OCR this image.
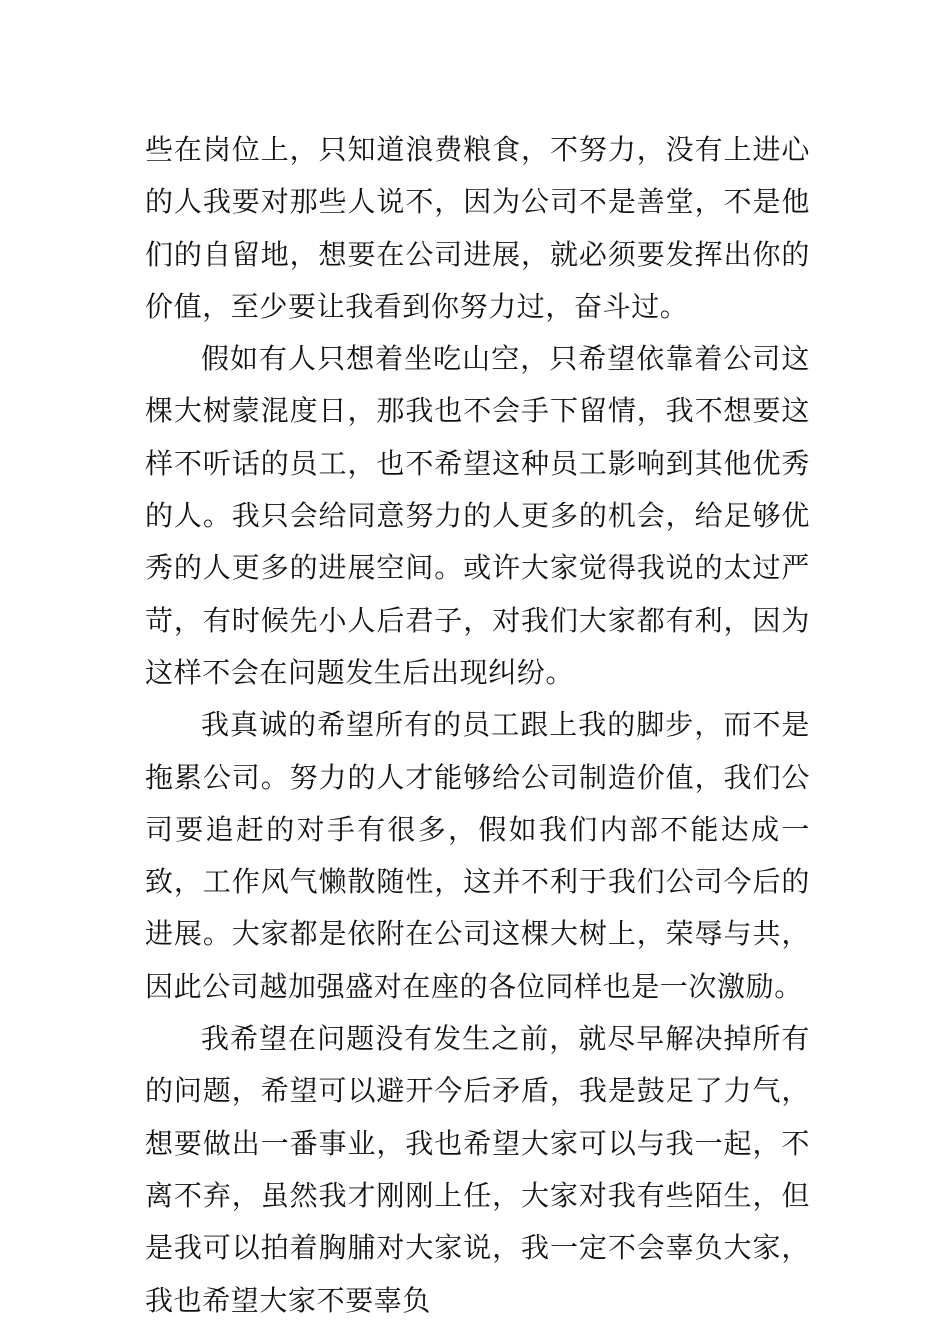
些在岗位上，只知道浪费粮食，不努力，没有上进心的人我要对那些人说不，因为公司不是善堂，不是他们的自留地，想要在公司进展，就必须要发挥出你的价值，至少要让我看到你努力过，奋斗过。

假如有人只想着坐吃山空，只希望依靠着公司这棵大树蒙混度日，那我也不会手下留情，我不想要这样不听话的员工，也不希望这种员工影响到其他优秀的人。我只会给同意努力的人更多的机会，给足够优秀的人更多的进展空间。或许大家觉得我说的太过严苛，有时候先小人后君子，对我们大家都有利，因为这样不会在问题发生后出现纠纷。

我真诚的希望所有的员工跟上我的脚步，而不是拖累公司。努力的人才能够给公司制造价值，我们公司要追赶的对手有很多，假如我们内部不能达成一致，工作风气懒散随性，这并不利于我们公司今后的进展。大家都是依附在公司这棵大树上，荣辱与共，因此公司越加强盛对在座的各位同样也是一次激励。

我希望在问题没有发生之前，就尽早解决掉所有的问题，希望可以避开今后矛盾，我是鼓足了力气，想要做出一番事业，我也希望大家可以与我一起，不离不弃，虽然我才刚刚上任，大家对我有些陌生，但是我可以拍着胸脯对大家说，我一定不会辜负大家，我也希望大家不要辜负
